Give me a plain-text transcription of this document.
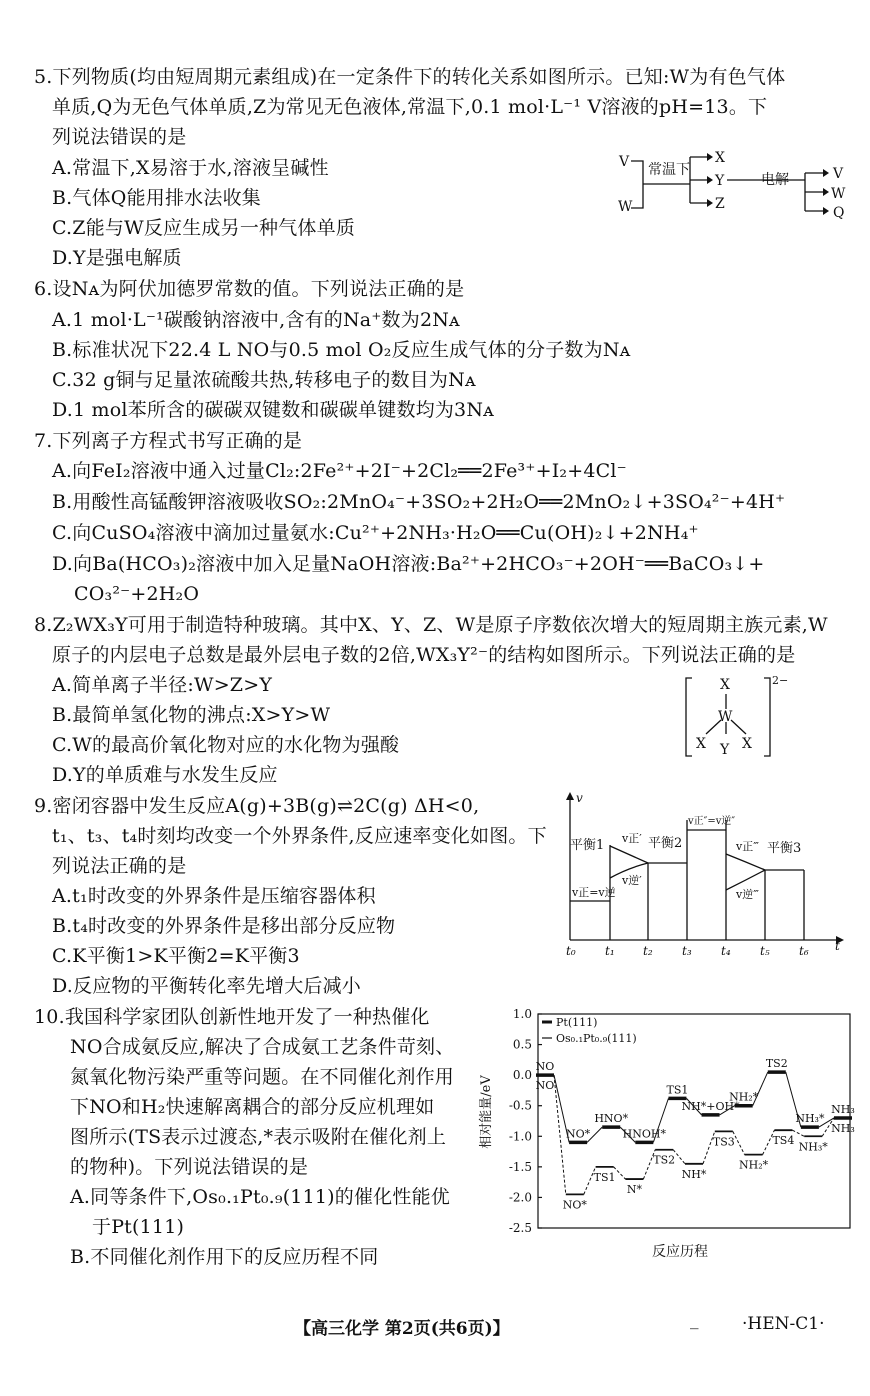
5.下列物质(均由短周期元素组成)在一定条件下的转化关系如图所示。已知:W为有色气体
单质,Q为无色气体单质,Z为常见无色液体,常温下,0.1 mol·L⁻¹ V溶液的pH=13。下
列说法错误的是
A.常温下,X易溶于水,溶液呈碱性
B.气体Q能用排水法收集
C.Z能与W反应生成另一种气体单质
D.Y是强电解质
V
W
常温下
X
Y
Z
电解	V
W
Q
6.设Nᴀ为阿伏加德罗常数的值。下列说法正确的是
A.1 mol·L⁻¹碳酸钠溶液中,含有的Na⁺数为2Nᴀ
B.标准状况下22.4 L NO与0.5 mol O₂反应生成气体的分子数为Nᴀ
C.32 g铜与足量浓硫酸共热,转移电子的数目为Nᴀ
D.1 mol苯所含的碳碳双键数和碳碳单键数均为3Nᴀ
7.下列离子方程式书写正确的是
A.向FeI₂溶液中通入过量Cl₂:2Fe²⁺+2I⁻+2Cl₂══2Fe³⁺+I₂+4Cl⁻
B.用酸性高锰酸钾溶液吸收SO₂:2MnO₄⁻+3SO₂+2H₂O══2MnO₂↓+3SO₄²⁻+4H⁺
C.向CuSO₄溶液中滴加过量氨水:Cu²⁺+2NH₃·H₂O══Cu(OH)₂↓+2NH₄⁺
D.向Ba(HCO₃)₂溶液中加入足量NaOH溶液:Ba²⁺+2HCO₃⁻+2OH⁻══BaCO₃↓+
CO₃²⁻+2H₂O
8.Z₂WX₃Y可用于制造特种玻璃。其中X、Y、Z、W是原子序数依次增大的短周期主族元素,W
原子的内层电子总数是最外层电子数的2倍,WX₃Y²⁻的结构如图所示。下列说法正确的是
A.简单离子半径:W>Z>Y
B.最简单氢化物的沸点:X>Y>W
C.W的最高价氧化物对应的水化物为强酸
D.Y的单质难与水发生反应
X
W
X Y X
2−
9.密闭容器中发生反应A(g)+3B(g)⇌2C(g) ΔH<0,
t₁、t₃、t₄时刻均改变一个外界条件,反应速率变化如图。下
列说法正确的是
A.t₁时改变的外界条件是压缩容器体积
B.t₄时改变的外界条件是移出部分反应物
C.K平衡1>K平衡2=K平衡3
D.反应物的平衡转化率先增大后减小
v
t
t₀ t₁ t₂ t₃ t₄ t₅ t₆
平衡1	平衡2	平衡3
v正=v逆
v正′
v逆′
v正″=v逆″
v正‴
v逆‴
10.我国科学家团队创新性地开发了一种热催化
NO合成氨反应,解决了合成氨工艺条件苛刻、
氮氧化物污染严重等问题。在不同催化剂作用
下NO和H₂快速解离耦合的部分反应机理如
图所示(TS表示过渡态,*表示吸附在催化剂上
的物种)。下列说法错误的是
A.同等条件下,Os₀.₁Pt₀.₉(111)的催化性能优
于Pt(111)
B.不同催化剂作用下的反应历程不同
1.0
0.5
0.0
-0.5
-1.0
-1.5
-2.0
-2.5
相对能量/eV
反应历程
Pt(111)
Os₀.₁Pt₀.₉(111)
NO
NO*
HNO*
HNOH*
TS1
NH*+OH*
NH₂*
TS2
NH₃*
NH₃
NO
NO*
TS1
N*
TS2
NH*
TS3
NH₂*
TS4 NH₃*
NH₃
【高三化学 第2页(共6页)】	_	·HEN-C1·
